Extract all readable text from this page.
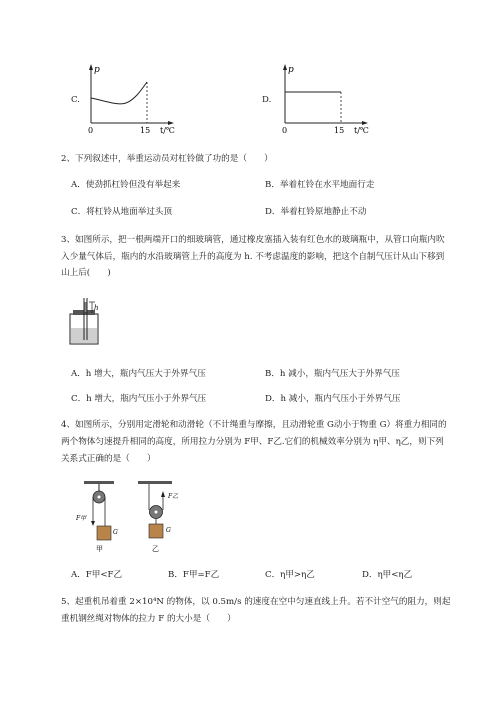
C.
p
0	15 t/℃
D.
p
0	15 t/℃
2、下列叙述中，举重运动员对杠铃做了功的是（　　）
A．使劲抓杠铃但没有举起来	B．举着杠铃在水平地面行走
C．将杠铃从地面举过头顶	D．举着杠铃原地静止不动
3、如图所示，把一根两端开口的细玻璃管，通过橡皮塞插入装有红色水的玻璃瓶中，从管口向瓶内吹
入少量气体后，瓶内的水沿玻璃管上升的高度为 h. 不考虑温度的影响，把这个自制气压计从山下移到
山上后(　　)
h
A．h 增大，瓶内气压大于外界气压	B．h 减小，瓶内气压大于外界气压
C．h 增大，瓶内气压小于外界气压	D．h 减小，瓶内气压小于外界气压
4、如图所示，分别用定滑轮和动滑轮（不计绳重与摩擦，且动滑轮重 G动小于物重 G）将重力相同的
两个物体匀速提升相同的高度，所用拉力分别为 F甲、F乙.它们的机械效率分别为 η甲、η乙，则下列
关系式正确的是（　　）
F甲
G
甲
F乙
G
乙
A．F甲<F乙	B．F甲=F乙	C．η甲>η乙	D．η甲<η乙
5、起重机吊着重 2×10⁴N 的物体，以 0.5m/s 的速度在空中匀速直线上升。若不计空气的阻力，则起
重机钢丝绳对物体的拉力 F 的大小是（　　）
